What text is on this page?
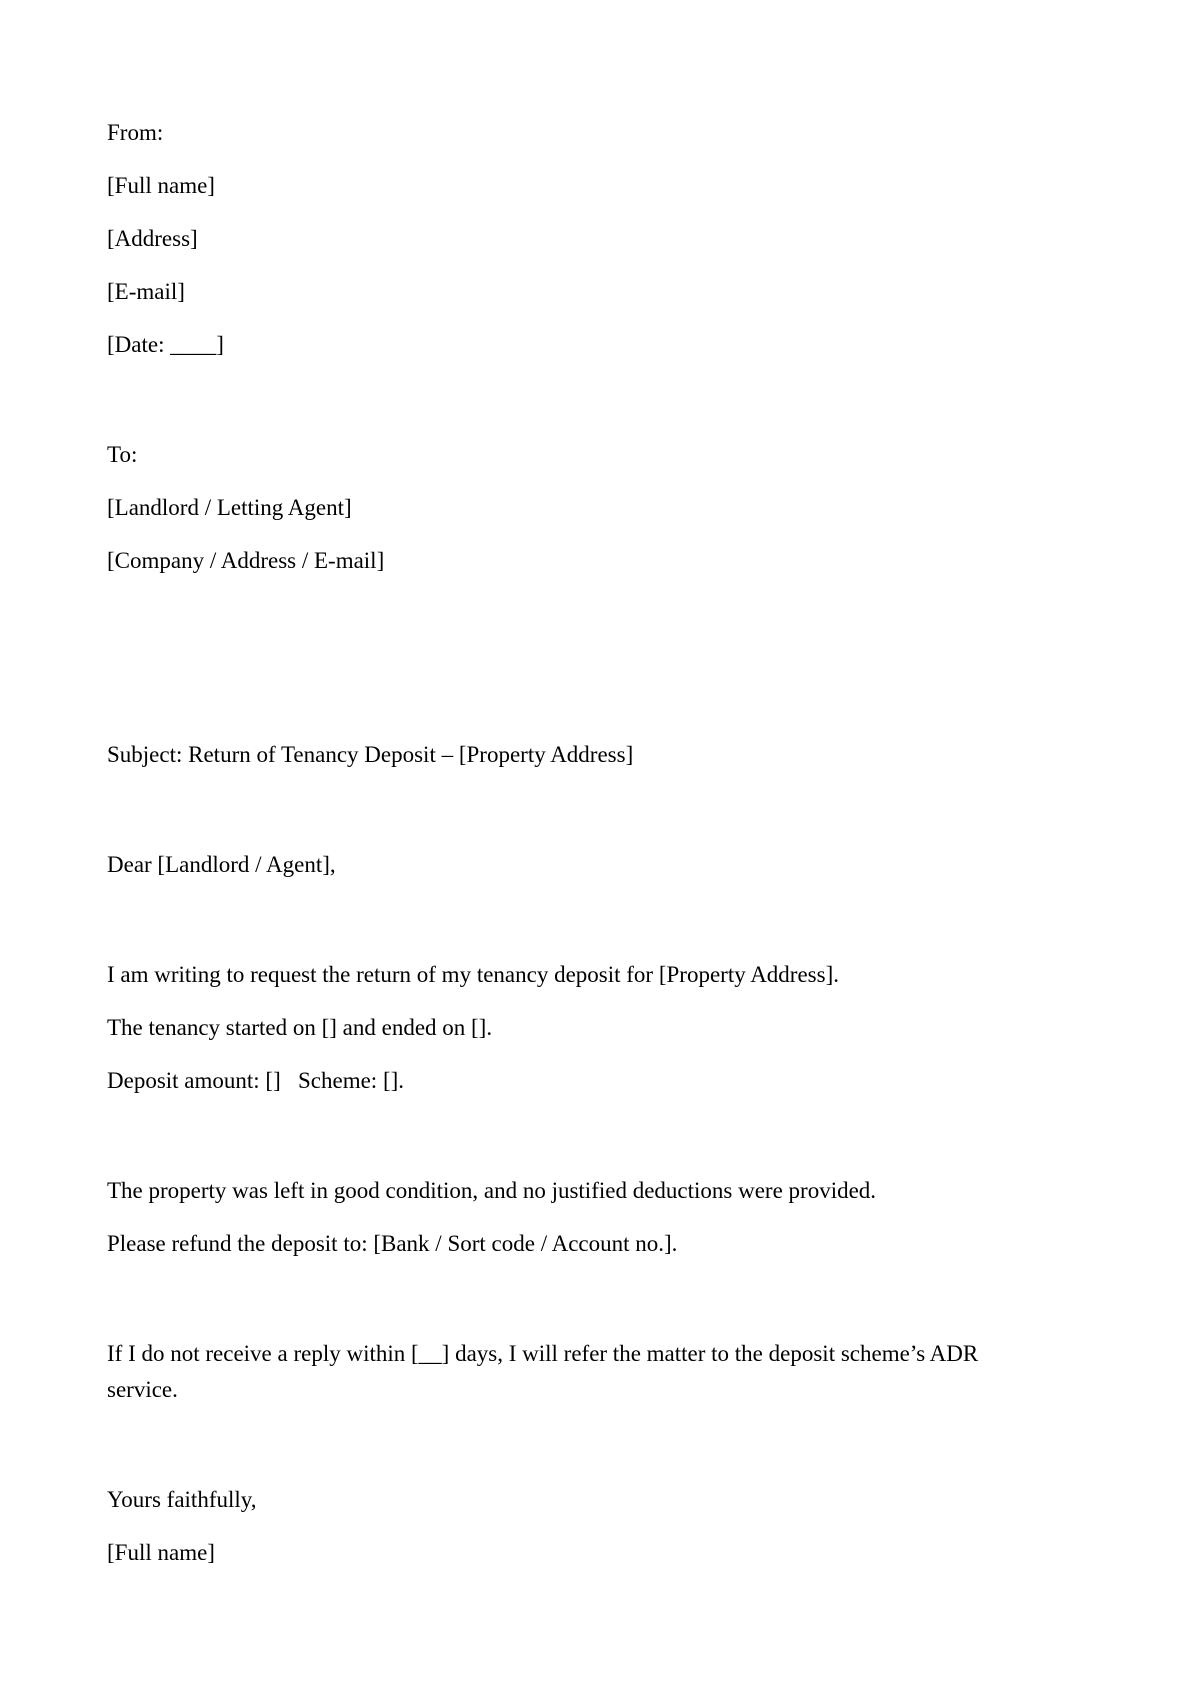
From:

[Full name]

[Address]

[E-mail]

[Date: ____]

To:

[Landlord / Letting Agent]

[Company / Address / E-mail]

Subject: Return of Tenancy Deposit – [Property Address]

Dear [Landlord / Agent],

I am writing to request the return of my tenancy deposit for [Property Address].

The tenancy started on [] and ended on [].

Deposit amount: []   Scheme: [].

The property was left in good condition, and no justified deductions were provided.

Please refund the deposit to: [Bank / Sort code / Account no.].

If I do not receive a reply within [__] days, I will refer the matter to the deposit scheme’s ADR service.

Yours faithfully,

[Full name]
